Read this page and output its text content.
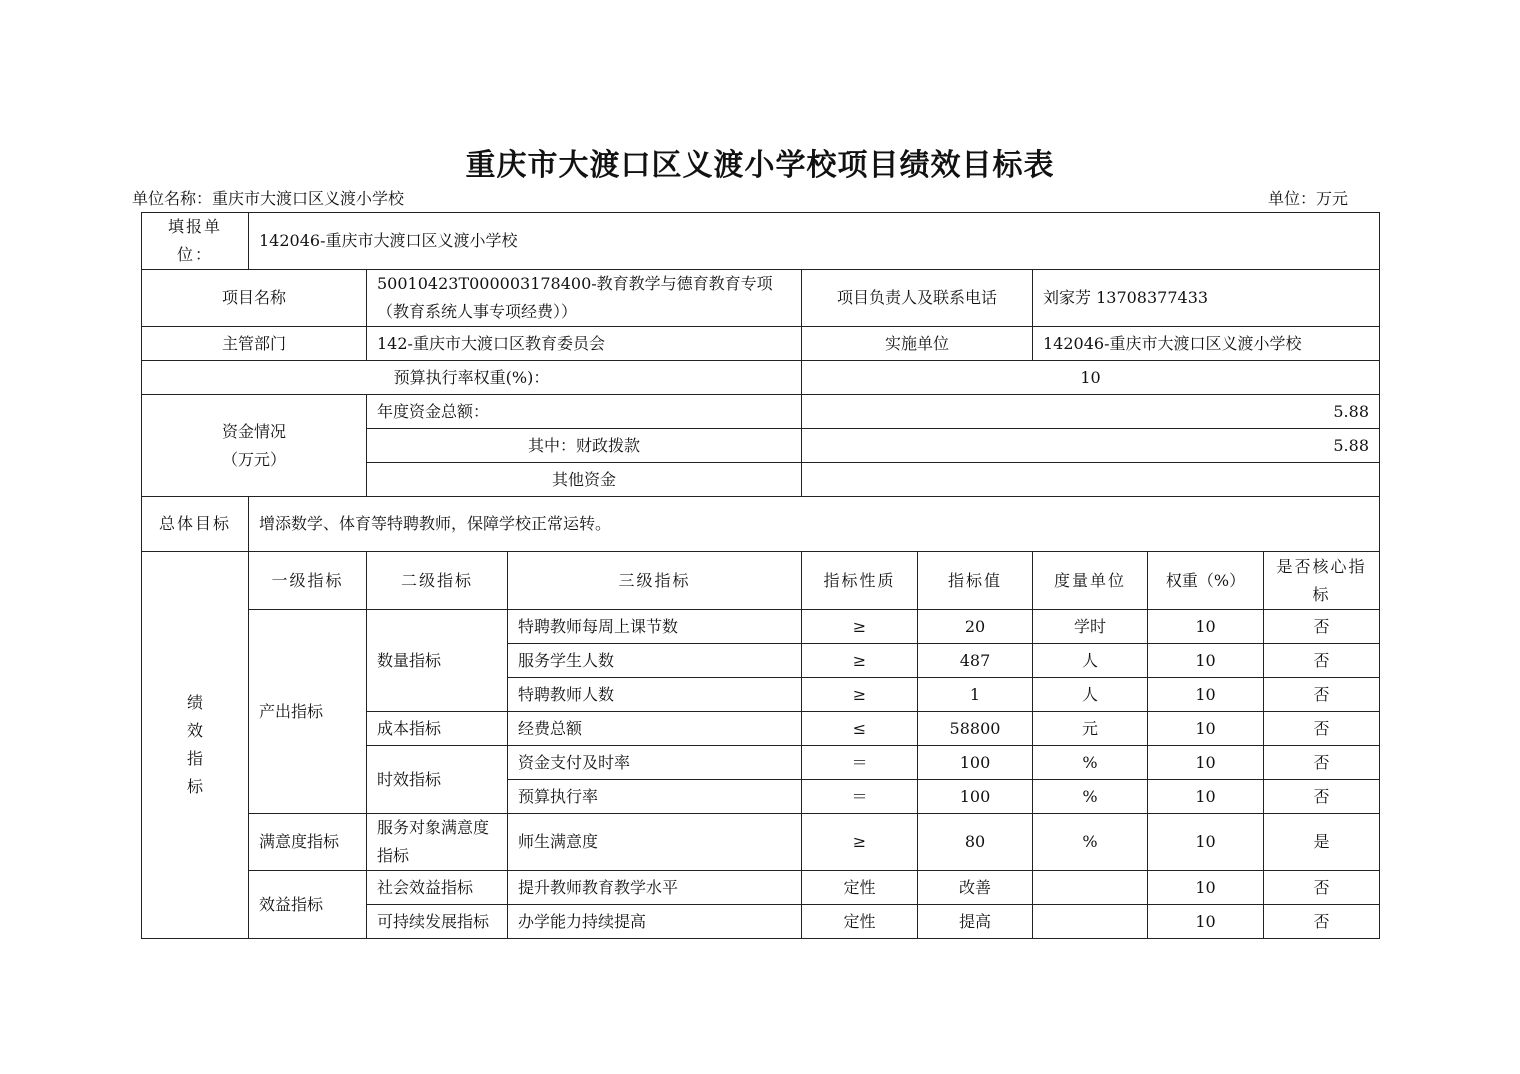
重庆市大渡口区义渡小学校项目绩效目标表
单位名称：重庆市大渡口区义渡小学校	单位：万元
填报单位：	142046-重庆市大渡口区义渡小学校							
项目名称		50010423T000003178400-教育教学与德育教育专项（教育系统人事专项经费））		项目负责人及联系电话		刘家芳 13708377433		
主管部门		142-重庆市大渡口区教育委员会		实施单位		142046-重庆市大渡口区义渡小学校		
预算执行率权重(%)：				10				

资金情况
（万元）		年度资金总额：		5.88				
		其中：财政拨款		5.88				
		其他资金						
总体目标	增添数学、体育等特聘教师，保障学校正常运转。							

绩
效
指
标	一级指标	二级指标	三级指标	指标性质	指标值	度量单位	权重（%）	是否核心指标
	产出指标	数量指标	特聘教师每周上课节数	≥	20	学时	10	否
			服务学生人数	≥	487	人	10	否
			特聘教师人数	≥	1	人	10	否
		成本指标	经费总额	≤	58800	元	10	否
		时效指标	资金支付及时率	＝	100	%	10	否
			预算执行率	＝	100	%	10	否
	满意度指标	服务对象满意度指标	师生满意度	≥	80	%	10	是
	效益指标	社会效益指标	提升教师教育教学水平	定性	改善		10	否
		可持续发展指标	办学能力持续提高	定性	提高		10	否
